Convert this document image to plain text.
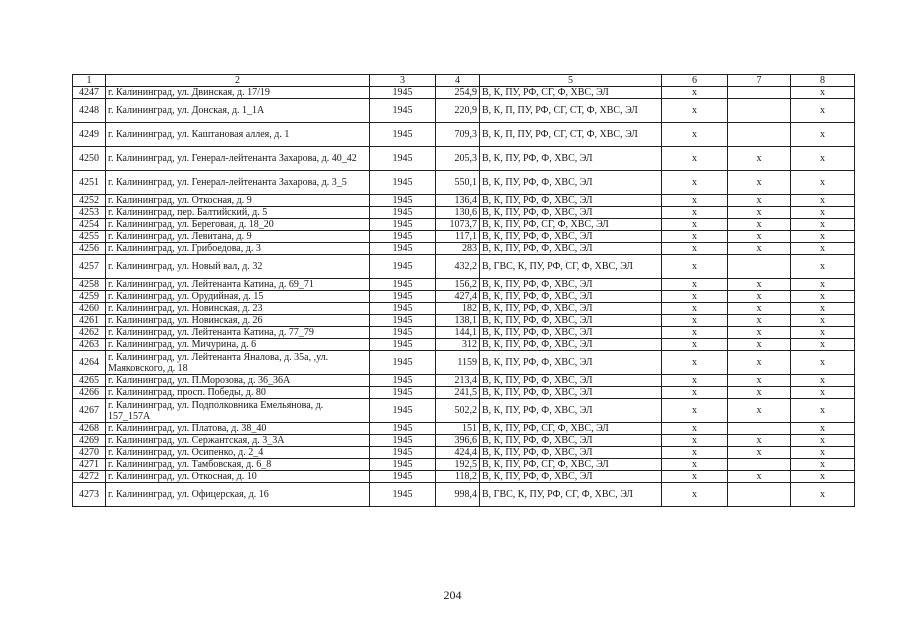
1	2	3	4	5	6	7	8
4247	г. Калининград, ул. Двинская, д. 17/19	1945	254,9	В, К, ПУ, РФ, СГ, Ф, ХВС, ЭЛ	х		х
4248	г. Калининград, ул. Донская, д. 1_1А	1945	220,9	В, К, П, ПУ, РФ, СГ, СТ, Ф, ХВС, ЭЛ	х		х
4249	г. Калининград, ул. Каштановая аллея, д. 1	1945	709,3	В, К, П, ПУ, РФ, СГ, СТ, Ф, ХВС, ЭЛ	х		х
4250	г. Калининград, ул. Генерал-лейтенанта Захарова, д. 40_42	1945	205,3	В, К, ПУ, РФ, Ф, ХВС, ЭЛ	х	х	х
4251	г. Калининград, ул. Генерал-лейтенанта Захарова, д. 3_5	1945	550,1	В, К, ПУ, РФ, Ф, ХВС, ЭЛ	х	х	х
4252	г. Калининград, ул. Откосная, д. 9	1945	136,4	В, К, ПУ, РФ, Ф, ХВС, ЭЛ	х	х	х
4253	г. Калининград, пер. Балтийский, д. 5	1945	130,6	В, К, ПУ, РФ, Ф, ХВС, ЭЛ	х	х	х
4254	г. Калининград, ул. Береговая, д. 18_20	1945	1073,7	В, К, ПУ, РФ, СГ, Ф, ХВС, ЭЛ	х	х	х
4255	г. Калининград, ул. Левитана, д. 9	1945	117,1	В, К, ПУ, РФ, Ф, ХВС, ЭЛ	х	х	х
4256	г. Калининград, ул. Грибоедова, д. 3	1945	283	В, К, ПУ, РФ, Ф, ХВС, ЭЛ	х	х	х
4257	г. Калининград, ул. Новый вал, д. 32	1945	432,2	В, ГВС, К, ПУ, РФ, СГ, Ф, ХВС, ЭЛ	х		х
4258	г. Калининград, ул. Лейтенанта Катина, д. 69_71	1945	156,2	В, К, ПУ, РФ, Ф, ХВС, ЭЛ	х	х	х
4259	г. Калининград, ул. Орудийная, д. 15	1945	427,4	В, К, ПУ, РФ, Ф, ХВС, ЭЛ	х	х	х
4260	г. Калининград, ул. Новинская, д. 23	1945	182	В, К, ПУ, РФ, Ф, ХВС, ЭЛ	х	х	х
4261	г. Калининград, ул. Новинская, д. 26	1945	138,1	В, К, ПУ, РФ, Ф, ХВС, ЭЛ	х	х	х
4262	г. Калининград, ул. Лейтенанта Катина, д. 77_79	1945	144,1	В, К, ПУ, РФ, Ф, ХВС, ЭЛ	х	х	х
4263	г. Калининград, ул. Мичурина, д. 6	1945	312	В, К, ПУ, РФ, Ф, ХВС, ЭЛ	х	х	х
4264	г. Калининград, ул. Лейтенанта Яналова, д. 35а, ,ул. Маяковского, д. 18	1945	1159	В, К, ПУ, РФ, Ф, ХВС, ЭЛ	х	х	х
4265	г. Калининград, ул. П.Морозова, д. 36_36А	1945	213,4	В, К, ПУ, РФ, Ф, ХВС, ЭЛ	х	х	х
4266	г. Калининград, просп. Победы, д. 80	1945	241,5	В, К, ПУ, РФ, Ф, ХВС, ЭЛ	х	х	х
4267	г. Калининград, ул. Подполковника Емельянова, д. 157_157А	1945	502,2	В, К, ПУ, РФ, Ф, ХВС, ЭЛ	х	х	х
4268	г. Калининград, ул. Платова, д. 38_40	1945	151	В, К, ПУ, РФ, СГ, Ф, ХВС, ЭЛ	х		х
4269	г. Калининград, ул. Сержантская, д. 3_3А	1945	396,6	В, К, ПУ, РФ, Ф, ХВС, ЭЛ	х	х	х
4270	г. Калининград, ул. Осипенко, д. 2_4	1945	424,4	В, К, ПУ, РФ, Ф, ХВС, ЭЛ	х	х	х
4271	г. Калининград, ул. Тамбовская, д. 6_8	1945	192,5	В, К, ПУ, РФ, СГ, Ф, ХВС, ЭЛ	х		х
4272	г. Калининград, ул. Откосная, д. 10	1945	118,2	В, К, ПУ, РФ, Ф, ХВС, ЭЛ	х	х	х
4273	г. Калининград, ул. Офицерская, д. 16	1945	998,4	В, ГВС, К, ПУ, РФ, СГ, Ф, ХВС, ЭЛ	х		х
204
